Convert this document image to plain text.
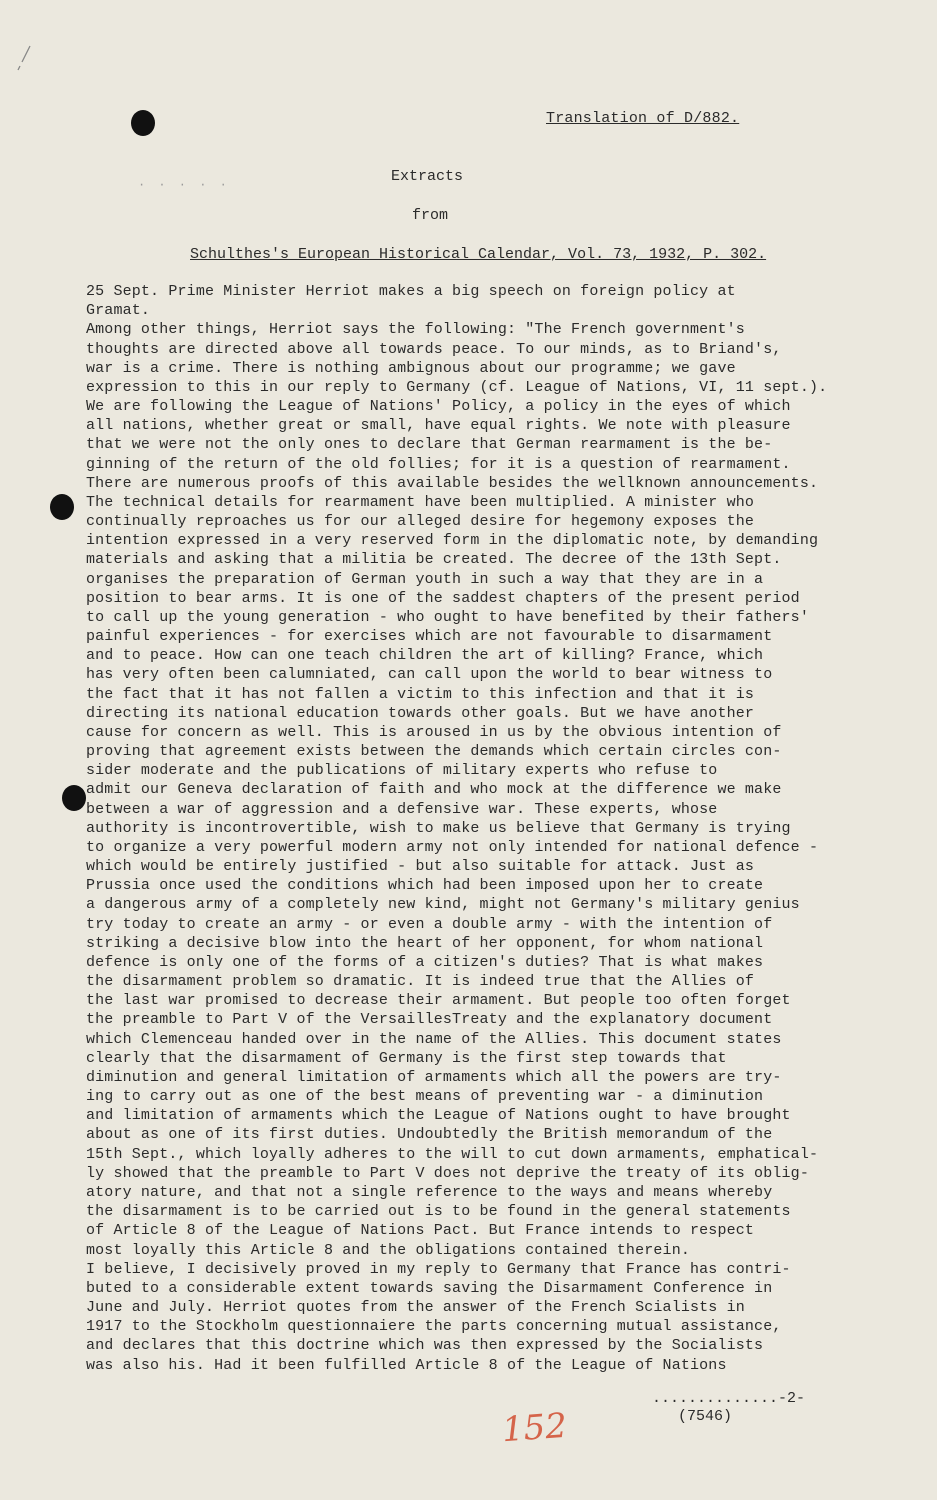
Translation of D/882.
· · · · ·	Extracts
from
Schulthes's European Historical Calendar, Vol. 73, 1932, P. 302.
25 Sept. Prime Minister Herriot makes a big speech on foreign policy at
Gramat.
Among other things, Herriot says the following: "The French government's
thoughts are directed above all towards peace. To our minds, as to Briand's,
war is a crime. There is nothing ambignous about our programme; we gave
expression to this in our reply to Germany (cf. League of Nations, VI, 11 sept.).
We are following the League of Nations' Policy, a policy in the eyes of which
all nations, whether great or small, have equal rights. We note with pleasure
that we were not the only ones to declare that German rearmament is the be-
ginning of the return of the old follies; for it is a question of rearmament.
There are numerous proofs of this available besides the wellknown announcements.
The technical details for rearmament have been multiplied. A minister who
continually reproaches us for our alleged desire for hegemony exposes the
intention expressed in a very reserved form in the diplomatic note, by demanding
materials and asking that a militia be created. The decree of the 13th Sept.
organises the preparation of German youth in such a way that they are in a
position to bear arms. It is one of the saddest chapters of the present period
to call up the young generation - who ought to have benefited by their fathers'
painful experiences - for exercises which are not favourable to disarmament
and to peace. How can one teach children the art of killing? France, which
has very often been calumniated, can call upon the world to bear witness to
the fact that it has not fallen a victim to this infection and that it is
directing its national education towards other goals. But we have another
cause for concern as well. This is aroused in us by the obvious intention of
proving that agreement exists between the demands which certain circles con-
sider moderate and the publications of military experts who refuse to
admit our Geneva declaration of faith and who mock at the difference we make
between a war of aggression and a defensive war. These experts, whose
authority is incontrovertible, wish to make us believe that Germany is trying
to organize a very powerful modern army not only intended for national defence -
which would be entirely justified - but also suitable for attack. Just as
Prussia once used the conditions which had been imposed upon her to create
a dangerous army of a completely new kind, might not Germany's military genius
try today to create an army - or even a double army - with the intention of
striking a decisive blow into the heart of her opponent, for whom national
defence is only one of the forms of a citizen's duties? That is what makes
the disarmament problem so dramatic. It is indeed true that the Allies of
the last war promised to decrease their armament. But people too often forget
the preamble to Part V of the VersaillesTreaty and the explanatory document
which Clemenceau handed over in the name of the Allies. This document states
clearly that the disarmament of Germany is the first step towards that
diminution and general limitation of armaments which all the powers are try-
ing to carry out as one of the best means of preventing war - a diminution
and limitation of armaments which the League of Nations ought to have brought
about as one of its first duties. Undoubtedly the British memorandum of the
15th Sept., which loyally adheres to the will to cut down armaments, emphatical-
ly showed that the preamble to Part V does not deprive the treaty of its oblig-
atory nature, and that not a single reference to the ways and means whereby
the disarmament is to be carried out is to be found in the general statements
of Article 8 of the League of Nations Pact. But France intends to respect
most loyally this Article 8 and the obligations contained therein.
I believe, I decisively proved in my reply to Germany that France has contri-
buted to a considerable extent towards saving the Disarmament Conference in
June and July. Herriot quotes from the answer of the French Scialists in
1917 to the Stockholm questionnaiere the parts concerning mutual assistance,
and declares that this doctrine which was then expressed by the Socialists
was also his. Had it been fulfilled Article 8 of the League of Nations
..............-2-
(7546)
152
